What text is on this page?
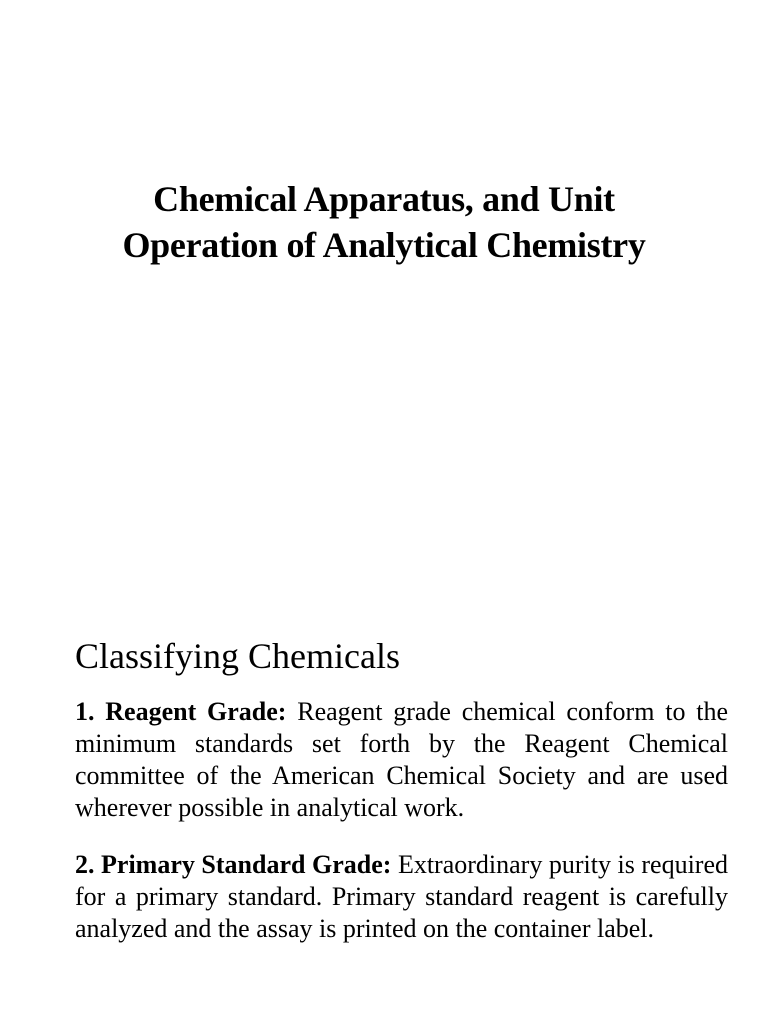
Chemical Apparatus, and Unit
Operation of Analytical Chemistry
Classifying Chemicals

1. Reagent Grade: Reagent grade chemical conform to the minimum standards set forth by the Reagent Chemical committee of the American Chemical Society and are used wherever possible in analytical work.

2. Primary Standard Grade: Extraordinary purity is required for a primary standard. Primary standard reagent is carefully analyzed and the assay is printed on the container label.
